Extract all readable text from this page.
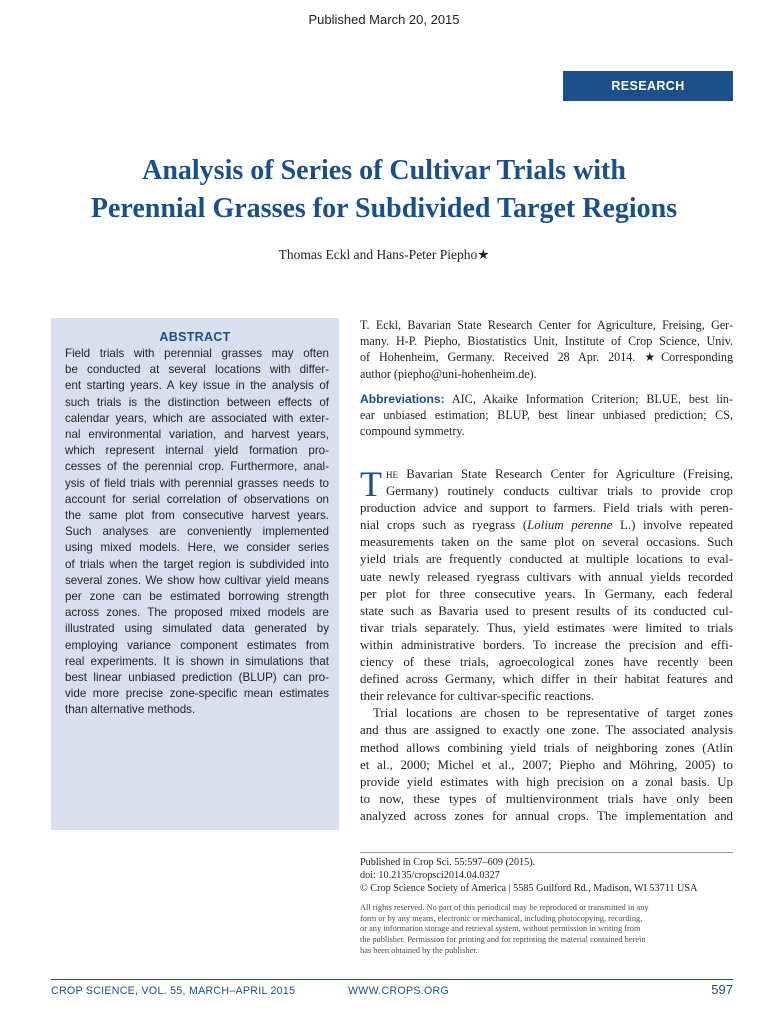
Published March 20, 2015
RESEARCH
Analysis of Series of Cultivar Trials with
Perennial Grasses for Subdivided Target Regions
Thomas Eckl and Hans-Peter Piepho★
ABSTRACT
Field trials with perennial grasses may often
be conducted at several locations with differ-
ent starting years. A key issue in the analysis of
such trials is the distinction between effects of
calendar years, which are associated with exter-
nal environmental variation, and harvest years,
which represent internal yield formation pro-
cesses of the perennial crop. Furthermore, anal-
ysis of field trials with perennial grasses needs to
account for serial correlation of observations on
the same plot from consecutive harvest years.
Such analyses are conveniently implemented
using mixed models. Here, we consider series
of trials when the target region is subdivided into
several zones. We show how cultivar yield means
per zone can be estimated borrowing strength
across zones. The proposed mixed models are
illustrated using simulated data generated by
employing variance component estimates from
real experiments. It is shown in simulations that
best linear unbiased prediction (BLUP) can pro-
vide more precise zone-specific mean estimates
than alternative methods.
T. Eckl, Bavarian State Research Center for Agriculture, Freising, Ger-
many. H-P. Piepho, Biostatistics Unit, Institute of Crop Science, Univ.
of Hohenheim, Germany. Received 28 Apr. 2014. ★Corresponding
author (piepho@uni-hohenheim.de).
Abbreviations: AIC, Akaike Information Criterion; BLUE, best lin-
ear unbiased estimation; BLUP, best linear unbiased prediction; CS,
compound symmetry.
T he Bavarian State Research Center for Agriculture (Freising,
Germany) routinely conducts cultivar trials to provide crop
production advice and support to farmers. Field trials with peren-
nial crops such as ryegrass (Lolium perenne L.) involve repeated
measurements taken on the same plot on several occasions. Such
yield trials are frequently conducted at multiple locations to eval-
uate newly released ryegrass cultivars with annual yields recorded
per plot for three consecutive years. In Germany, each federal
state such as Bavaria used to present results of its conducted cul-
tivar trials separately. Thus, yield estimates were limited to trials
within administrative borders. To increase the precision and effi-
ciency of these trials, agroecological zones have recently been
defined across Germany, which differ in their habitat features and
their relevance for cultivar-specific reactions.
Trial locations are chosen to be representative of target zones
and thus are assigned to exactly one zone. The associated analysis
method allows combining yield trials of neighboring zones (Atlin
et al., 2000; Michel et al., 2007; Piepho and Möhring, 2005) to
provide yield estimates with high precision on a zonal basis. Up
to now, these types of multienvironment trials have only been
analyzed across zones for annual crops. The implementation and
Published in Crop Sci. 55:597–609 (2015).
doi: 10.2135/cropsci2014.04.0327
© Crop Science Society of America | 5585 Guilford Rd., Madison, WI 53711 USA
All rights reserved. No part of this periodical may be reproduced or transmitted in any
form or by any means, electronic or mechanical, including photocopying, recording,
or any information storage and retrieval system, without permission in writing from
the publisher. Permission for printing and for reprinting the material contained herein
has been obtained by the publisher.
CROP SCIENCE, VOL. 55, MARCH–APRIL 2015	WWW.CROPS.ORG	597
